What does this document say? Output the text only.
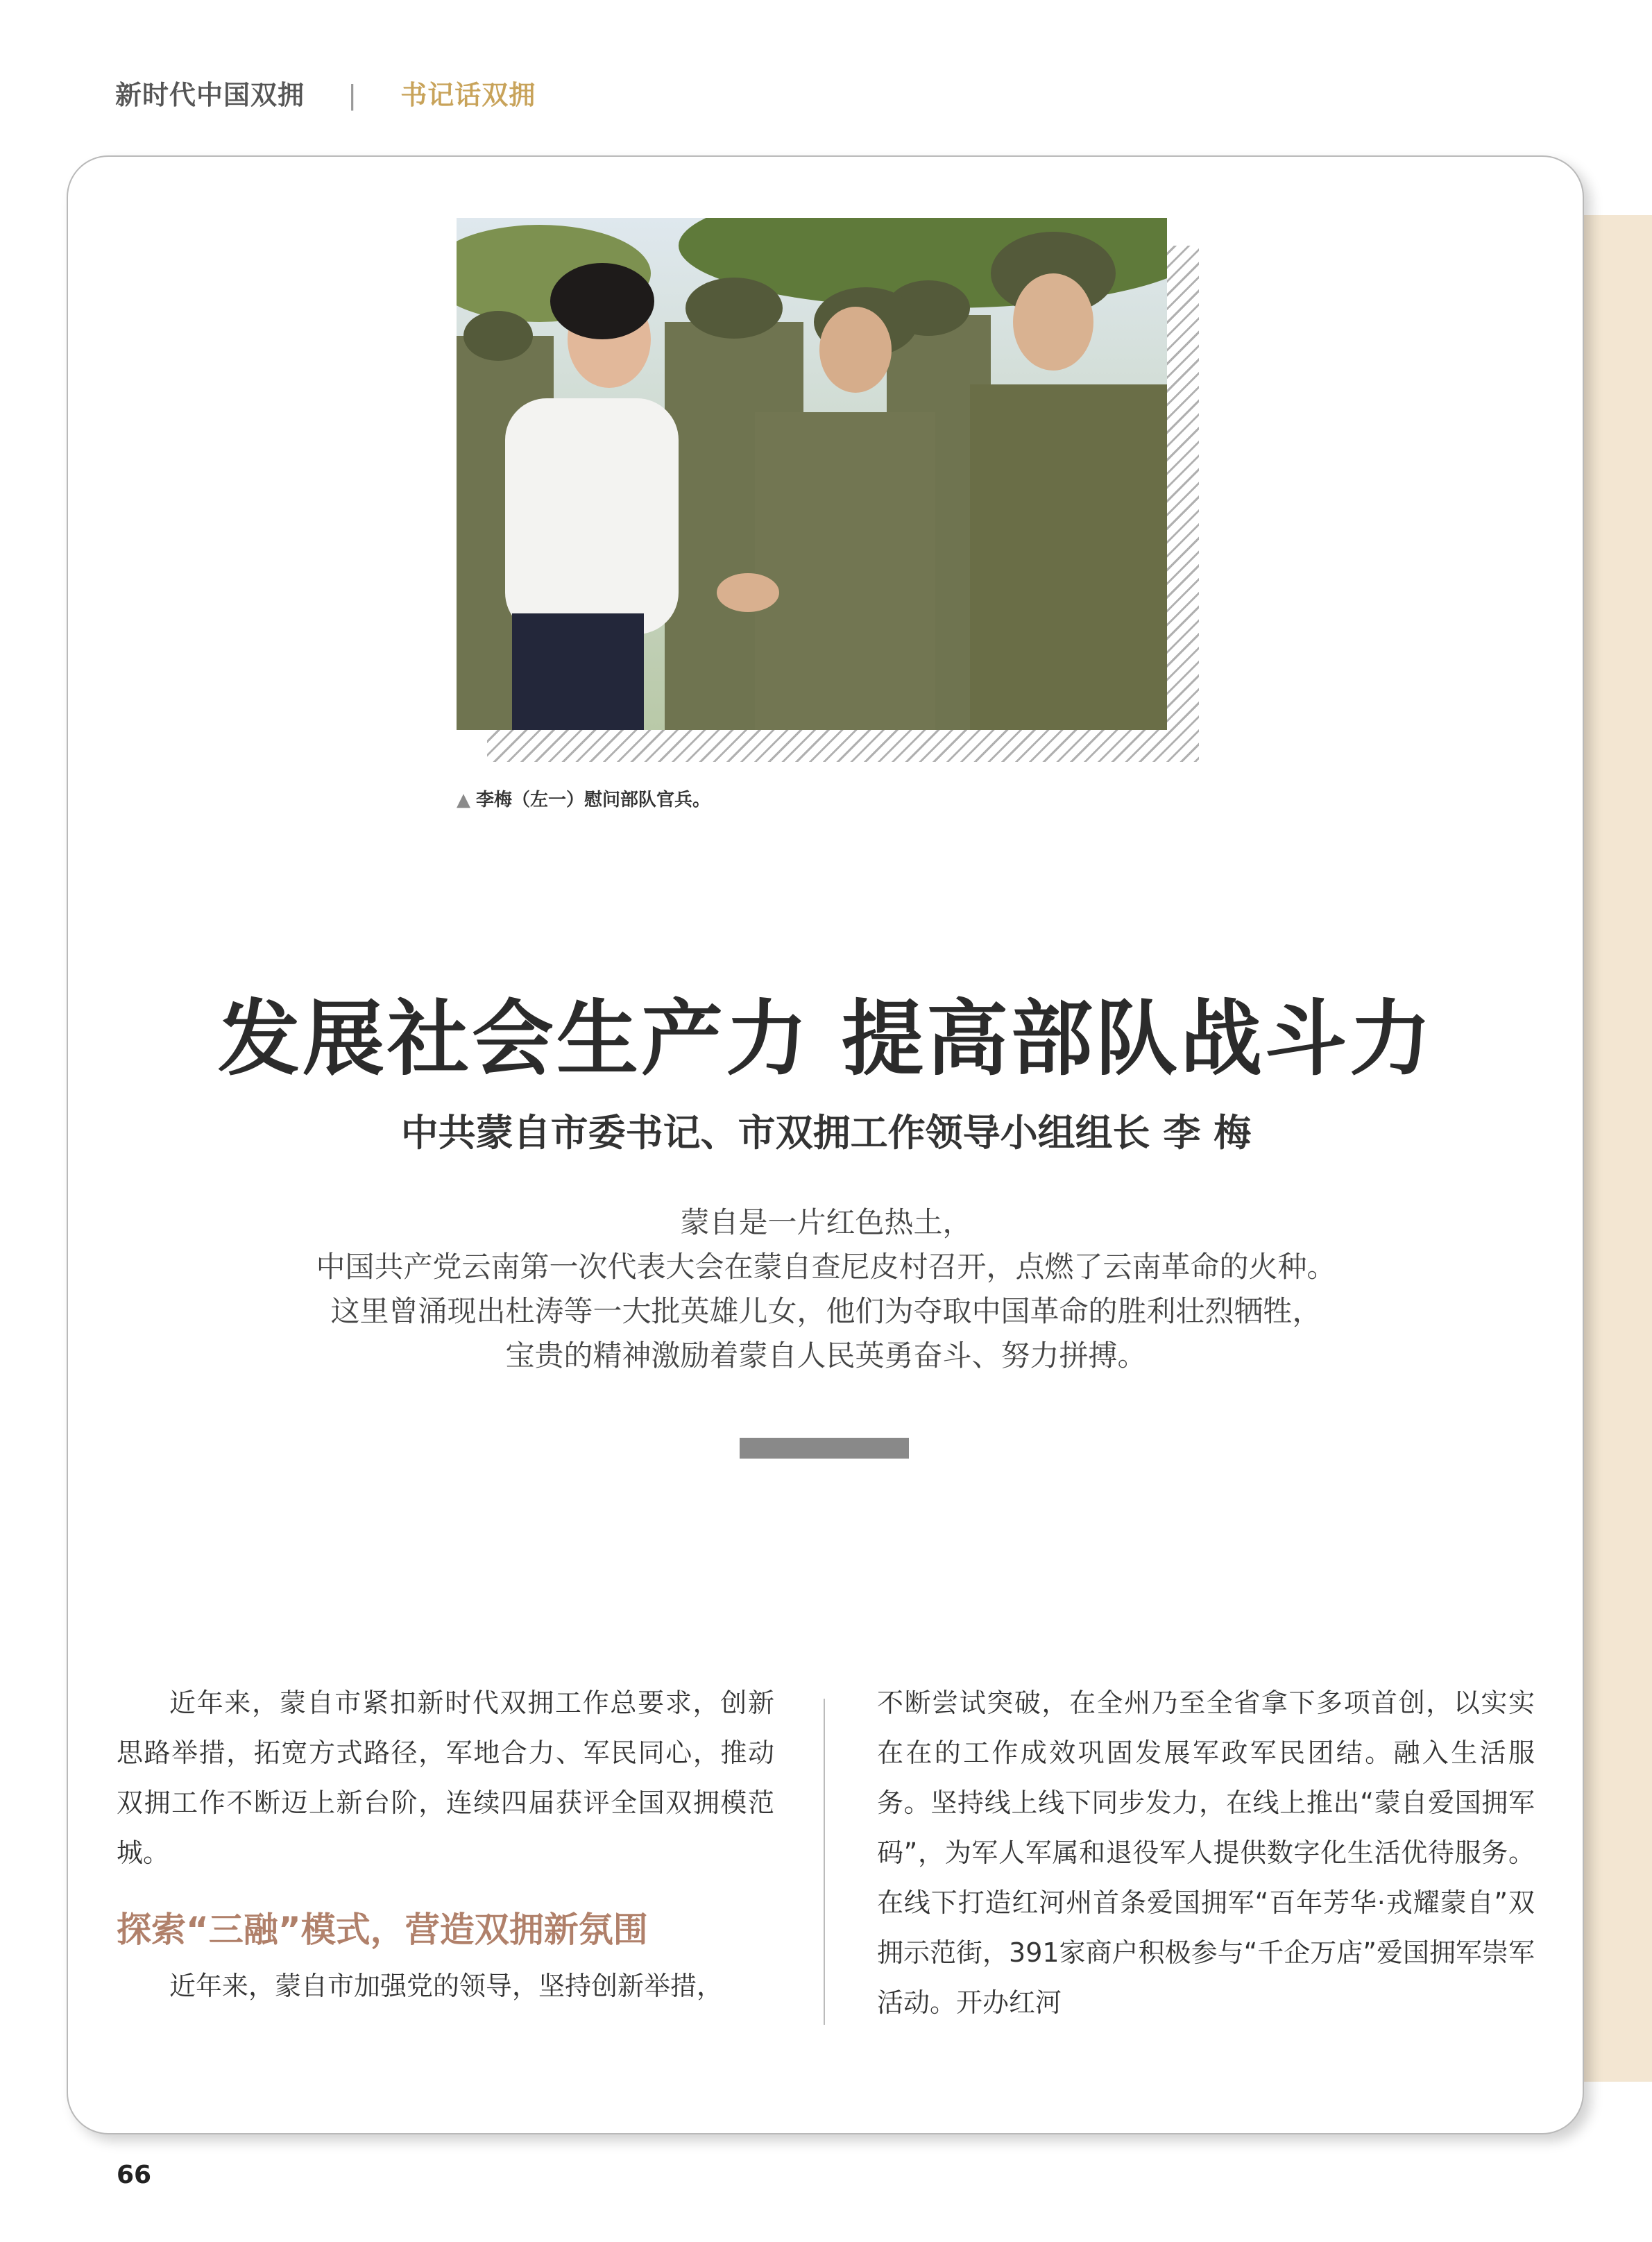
新时代中国双拥 | 书记话双拥
▲ 李梅（左一）慰问部队官兵。
发展社会生产力 提高部队战斗力
中共蒙自市委书记、市双拥工作领导小组组长 李 梅
蒙自是一片红色热土，
中国共产党云南第一次代表大会在蒙自查尼皮村召开，点燃了云南革命的火种。
这里曾涌现出杜涛等一大批英雄儿女，他们为夺取中国革命的胜利壮烈牺牲，
宝贵的精神激励着蒙自人民英勇奋斗、努力拼搏。

近年来，蒙自市紧扣新时代双拥工作总要求，创新思路举措，拓宽方式路径，军地合力、军民同心，推动双拥工作不断迈上新台阶，连续四届获评全国双拥模范城。

探索“三融”模式，营造双拥新氛围

近年来，蒙自市加强党的领导，坚持创新举措，

不断尝试突破，在全州乃至全省拿下多项首创，以实实在在的工作成效巩固发展军政军民团结。融入生活服务。坚持线上线下同步发力，在线上推出“蒙自爱国拥军码”，为军人军属和退役军人提供数字化生活优待服务。在线下打造红河州首条爱国拥军“百年芳华·戎耀蒙自”双拥示范街，391家商户积极参与“千企万店”爱国拥军崇军活动。开办红河

66
